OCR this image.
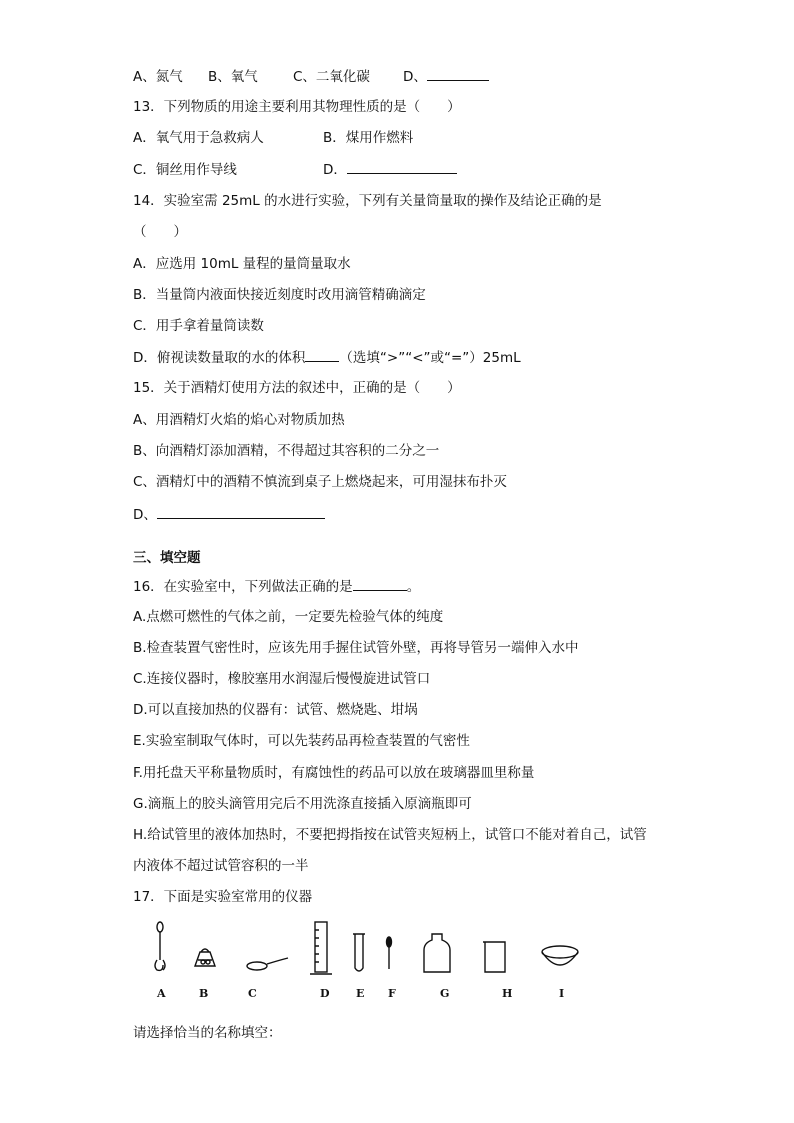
A、氮气 B、氧气	C、二氧化碳 D、
13．下列物质的用途主要利用其物理性质的是（　　）
A．氧气用于急救病人	B．煤用作燃料
C．铜丝用作导线	D．
14．实验室需 25mL 的水进行实验，下列有关量筒量取的操作及结论正确的是
（　　）
A．应选用 10mL 量程的量筒量取水
B．当量筒内液面快接近刻度时改用滴管精确滴定
C．用手拿着量筒读数
D．俯视读数量取的水的体积	（选填“>”“<”或“=”）25mL
15．关于酒精灯使用方法的叙述中，正确的是（　　）
A、用酒精灯火焰的焰心对物质加热
B、向酒精灯添加酒精，不得超过其容积的二分之一
C、酒精灯中的酒精不慎流到桌子上燃烧起来，可用湿抹布扑灭
D、
三、填空题
16．在实验室中，下列做法正确的是	。
A.点燃可燃性的气体之前，一定要先检验气体的纯度
B.检查装置气密性时，应该先用手握住试管外壁，再将导管另一端伸入水中
C.连接仪器时，橡胶塞用水润湿后慢慢旋进试管口
D.可以直接加热的仪器有：试管、燃烧匙、坩埚
E.实验室制取气体时，可以先装药品再检查装置的气密性
F.用托盘天平称量物质时，有腐蚀性的药品可以放在玻璃器皿里称量
G.滴瓶上的胶头滴管用完后不用洗涤直接插入原滴瓶即可
H.给试管里的液体加热时，不要把拇指按在试管夹短柄上，试管口不能对着自己，试管
内液体不超过试管容积的一半
17．下面是实验室常用的仪器
A	B	C	D E F	G	H	I
请选择恰当的名称填空：
